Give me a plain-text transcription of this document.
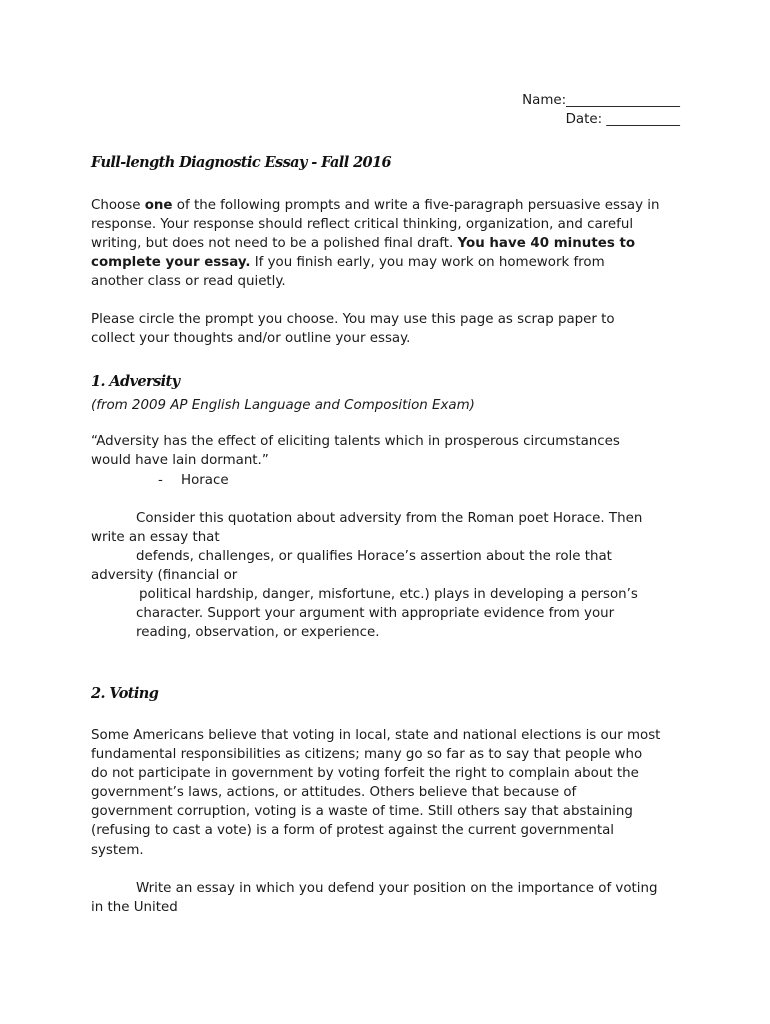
Name:_________________
Date: ___________
Full-length Diagnostic Essay - Fall 2016
Choose one of the following prompts and write a five-paragraph persuasive essay in
response. Your response should reflect critical thinking, organization, and careful
writing, but does not need to be a polished final draft. You have 40 minutes to
complete your essay. If you finish early, you may work on homework from
another class or read quietly.
Please circle the prompt you choose. You may use this page as scrap paper to
collect your thoughts and/or outline your essay.
1. Adversity
(from 2009 AP English Language and Composition Exam)
“Adversity has the effect of eliciting talents which in prosperous circumstances
would have lain dormant.”
- Horace
Consider this quotation about adversity from the Roman poet Horace. Then
write an essay that
defends, challenges, or qualifies Horace’s assertion about the role that
adversity (financial or
political hardship, danger, misfortune, etc.) plays in developing a person’s
character. Support your argument with appropriate evidence from your
reading, observation, or experience.
2. Voting
Some Americans believe that voting in local, state and national elections is our most
fundamental responsibilities as citizens; many go so far as to say that people who
do not participate in government by voting forfeit the right to complain about the
government’s laws, actions, or attitudes. Others believe that because of
government corruption, voting is a waste of time. Still others say that abstaining
(refusing to cast a vote) is a form of protest against the current governmental
system.
Write an essay in which you defend your position on the importance of voting
in the United
